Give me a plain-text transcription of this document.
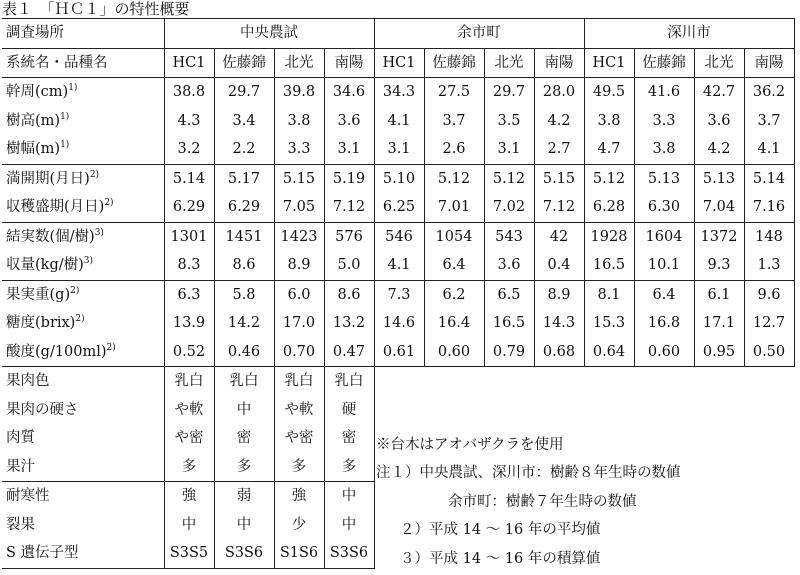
表１　「ＨＣ１」の特性概要
調査場所	中央農試				余市町				深川市			
系統名・品種名	HC1	佐藤錦	北光	南陽	HC1	佐藤錦	北光	南陽	HC1	佐藤錦	北光	南陽
幹周(cm)$^{1)}$	38.8	29.7	39.8	34.6	34.3	27.5	29.7	28.0	49.5	41.6	42.7	36.2
樹高$(m)^{1)}$	4.3	3.4	3.8	3.6	4.1	3.7	3.5	4.2	3.8	3.3	3.6	3.7
樹幅$(m)^{1)}$	3.2	2.2	3.3	3.1	3.1	2.6	3.1	2.7	4.7	3.8	4.2	4.1
満開期(月日)$^{2)}$	5.14	5.17	5.15	5.19	5.10	5.12	5.12	5.15	5.12	5.13	5.13	5.14
収穫盛期(月日)$^{2)}$	6.29	6.29	7.05	7.12	6.25	7.01	7.02	7.12	6.28	6.30	7.04	7.16
結実数(個/樹)$^{3)}$	1301	1451	1423	576	546	1054	543	42	1928	1604	1372	148
収量(kg/樹)$^{3)}$	8.3	8.6	8.9	5.0	4.1	6.4	3.6	0.4	16.5	10.1	9.3	1.3
果実重$(g)^{2)}$	6.3	5.8	6.0	8.6	7.3	6.2	6.5	8.9	8.1	6.4	6.1	9.6
糖度(brix)$^{2)}$	13.9	14.2	17.0	13.2	14.6	16.4	16.5	14.3	15.3	16.8	17.1	12.7
酸度$(g/100ml)^{2)}$	0.52	0.46	0.70	0.47	0.61	0.60	0.79	0.68	0.64	0.60	0.95	0.50
果肉色	乳白	乳白	乳白	乳白								
果肉の硬さ	や軟	中	や軟	硬								
肉質	や密	密	や密	密								
果汁	多	多	多	多								
耐寒性	強	弱	強	中								
裂果	中	中	少	中								
S 遺伝子型	S3S5	S3S6	S1S6	S3S6								
※台木はアオバザクラを使用
注１）中央農試、深川市：樹齢８年生時の数値
余市町：樹齢７年生時の数値
２）平成 14 ～ 16 年の平均値
３）平成 14 ～ 16 年の積算値
